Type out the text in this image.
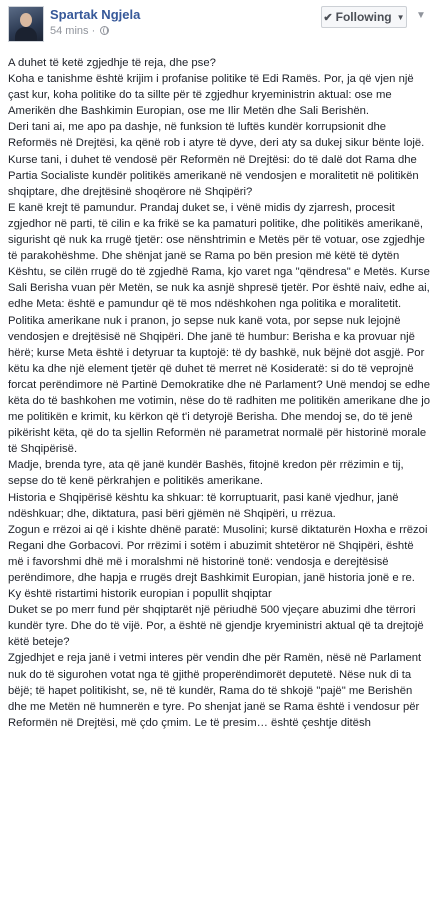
Spartak Ngjela
54 mins ·
✔ Following ▼ ▼

A duhet të ketë zgjedhje të reja, dhe pse?

Koha e tanishme është krijim i profanise politike të Edi Ramës. Por, ja që vjen një çast kur, koha politike do ta sillte për të zgjedhur kryeministrin aktual: ose me Amerikën dhe Bashkimin Europian, ose me Ilir Metën dhe Sali Berishën.

Deri tani ai, me apo pa dashje, në funksion të luftës kundër korrupsionit dhe Reformës në Drejtësi, ka qënë rob i atyre të dyve, deri aty sa dukej sikur bënte lojë. Kurse tani, i duhet të vendosë për Reformën në Drejtësi: do të dalë dot Rama dhe Partia Socialiste kundër politikës amerikanë në vendosjen e moralitetit në politikën shqiptare, dhe drejtësinë shoqërore në Shqipëri?

E kanë krejt të pamundur. Prandaj duket se, i vënë midis dy zjarresh, procesit zgjedhor në parti, të cilin e ka frikë se ka pamaturi politike, dhe politikës amerikanë, sigurisht që nuk ka rrugë tjetër: ose nënshtrimin e Metës për të votuar, ose zgjedhje të parakohëshme. Dhe shënjat janë se Rama po bën presion më këtë të dytën

Kështu, se cilën rrugë do të zgjedhë Rama, kjo varet nga "qëndresa" e Metës. Kurse Sali Berisha vuan për Metën, se nuk ka asnjë shpresë tjetër. Por është naiv, edhe ai, edhe Meta: është e pamundur që të mos ndëshkohen nga politika e moralitetit. Politika amerikane nuk i pranon, jo sepse nuk kanë vota, por sepse nuk lejojnë vendosjen e drejtësisë në Shqipëri. Dhe janë të humbur: Berisha e ka provuar një hërë; kurse Meta është i detyruar ta kuptojë: të dy bashkë, nuk bëjnë dot asgjë. Por këtu ka dhe një element tjetër që duhet të merret në Kosideratë: si do të veprojnë forcat perëndimore në Partinë Demokratike dhe në Parlament? Unë mendoj se edhe këta do të bashkohen me votimin, nëse do të radhiten me politikën amerikane dhe jo me politikën e krimit, ku kërkon që t'i detyrojë Berisha. Dhe mendoj se, do të jenë pikërisht këta, që do ta sjellin Reformën në parametrat normalë për historinë morale të Shqipërisë.

Madje, brenda tyre, ata që janë kundër Bashës, fitojnë kredon për rrëzimin e tij, sepse do të kenë përkrahjen e politikës amerikane.

Historia e Shqipërisë kështu ka shkuar: të korruptuarit, pasi kanë vjedhur, janë ndëshkuar; dhe, diktatura, pasi bëri gjëmën në Shqipëri, u rrëzua.

Zogun e rrëzoi ai që i kishte dhënë paratë: Musolini; kursë diktaturën Hoxha e rrëzoi Regani dhe Gorbacovi. Por rrëzimi i sotëm i abuzimit shtetëror në Shqipëri, është më i favorshmi dhë më i moralshmi në historinë tonë: vendosja e derejtësisë perëndimore, dhe hapja e rrugës drejt Bashkimit Europian, janë historia jonë e re. Ky është ristartimi historik europian i popullit shqiptar

Duket se po merr fund për shqiptarët një përiudhë 500 vjeçare abuzimi dhe tërrori kundër tyre. Dhe do të vijë. Por, a është në gjendje kryeministri aktual që ta drejtojë këtë beteje?

Zgjedhjet e reja janë i vetmi interes për vendin dhe për Ramën, nësë në Parlament nuk do të sigurohen votat nga të gjithë properëndimorët deputetë. Nëse nuk di ta bëjë; të hapet politikisht, se, në të kundër, Rama do të shkojë "pajë" me Berishën dhe me Metën në humnerën e tyre. Po shenjat janë se Rama është i vendosur për Reformën në Drejtësi, më çdo çmim. Le të presim… është çeshtje ditësh
